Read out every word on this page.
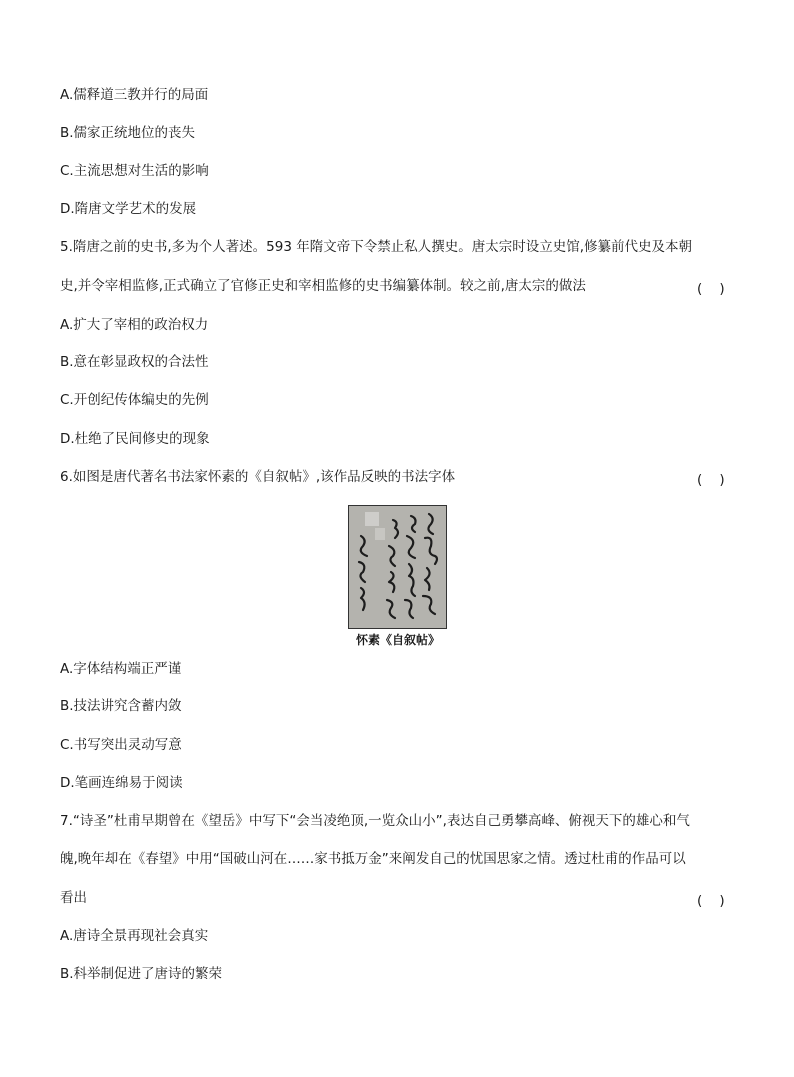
A.儒释道三教并行的局面
B.儒家正统地位的丧失
C.主流思想对生活的影响
D.隋唐文学艺术的发展
5.隋唐之前的史书,多为个人著述。593 年隋文帝下令禁止私人撰史。唐太宗时设立史馆,修纂前代史及本朝
史,并令宰相监修,正式确立了官修正史和宰相监修的史书编纂体制。较之前,唐太宗的做法	(    )
A.扩大了宰相的政治权力
B.意在彰显政权的合法性
C.开创纪传体编史的先例
D.杜绝了民间修史的现象
6.如图是唐代著名书法家怀素的《自叙帖》,该作品反映的书法字体	(    )
怀素《自叙帖》
A.字体结构端正严谨
B.技法讲究含蓄内敛
C.书写突出灵动写意
D.笔画连绵易于阅读
7.“诗圣”杜甫早期曾在《望岳》中写下“会当凌绝顶,一览众山小”,表达自己勇攀高峰、俯视天下的雄心和气
魄,晚年却在《春望》中用“国破山河在……家书抵万金”来阐发自己的忧国思家之情。透过杜甫的作品可以
看出	(    )
A.唐诗全景再现社会真实
B.科举制促进了唐诗的繁荣
